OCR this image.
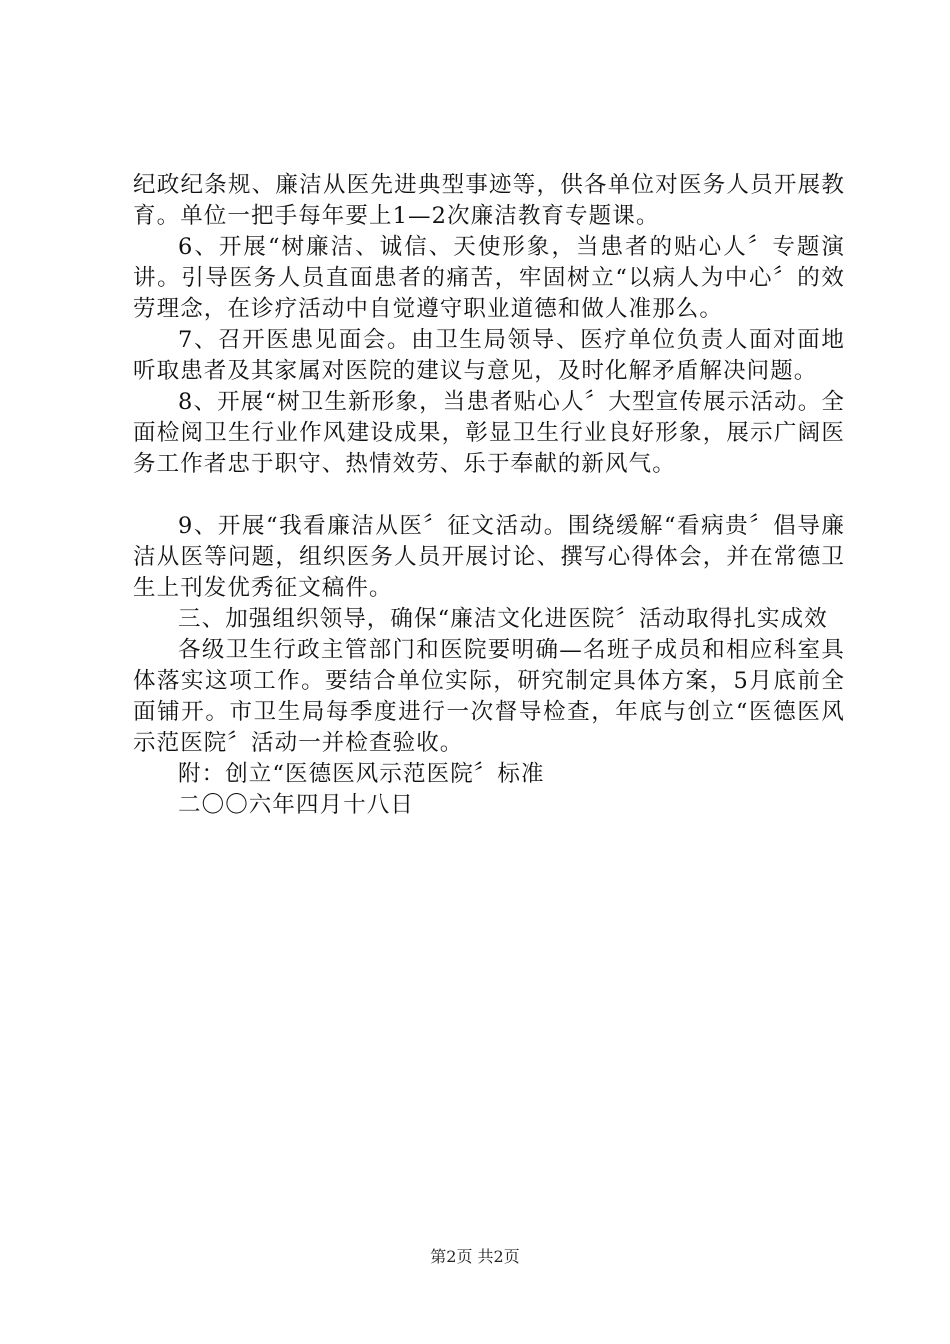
纪政纪条规、廉洁从医先进典型事迹等，供各单位对医务人员开展教育。单位一把手每年要上1—2次廉洁教育专题课。

6、开展“树廉洁、诚信、天使形象，当患者的贴心人〞专题演讲。引导医务人员直面患者的痛苦，牢固树立“以病人为中心〞的效劳理念，在诊疗活动中自觉遵守职业道德和做人准那么。

7、召开医患见面会。由卫生局领导、医疗单位负责人面对面地听取患者及其家属对医院的建议与意见，及时化解矛盾解决问题。

8、开展“树卫生新形象，当患者贴心人〞大型宣传展示活动。全面检阅卫生行业作风建设成果，彰显卫生行业良好形象，展示广阔医务工作者忠于职守、热情效劳、乐于奉献的新风气。

9、开展“我看廉洁从医〞征文活动。围绕缓解“看病贵〞倡导廉洁从医等问题，组织医务人员开展讨论、撰写心得体会，并在常德卫生上刊发优秀征文稿件。

三、加强组织领导，确保“廉洁文化进医院〞活动取得扎实成效

各级卫生行政主管部门和医院要明确—名班子成员和相应科室具体落实这项工作。要结合单位实际，研究制定具体方案，5月底前全面铺开。市卫生局每季度进行一次督导检查，年底与创立“医德医风示范医院〞活动一并检查验收。

附：创立“医德医风示范医院〞标准

二〇〇六年四月十八日

第2页 共2页
